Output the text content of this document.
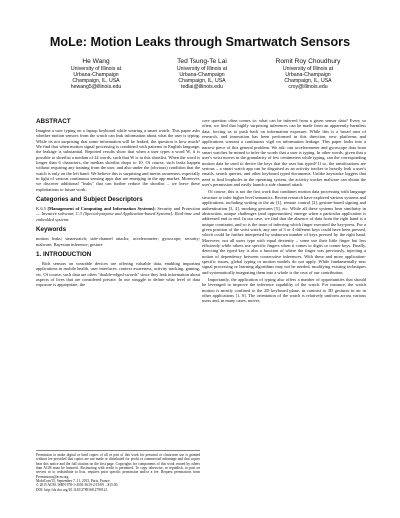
MoLe: Motion Leaks through Smartwatch Sensors
He Wang
University of Illinois at
Urbana-Champaign
Champaign, IL, USA
hewang5@illinois.edu
Ted Tsung-Te Lai
University of Illinois at
Urbana-Champaign
Champaign, IL, USA
tedlai@illinois.edu
Romit Roy Choudhury
University of Illinois at
Urbana-Champaign
Champaign, IL, USA
croy@illinois.edu
ABSTRACT

Imagine a user typing on a laptop keyboard while wearing a smart watch. This paper asks whether motion sensors from the watch can leak information about what the user is typing. While its not surprising that some information will be leaked, the question is how much? We find that when motion signal processing is combined with patterns in English language, the leakage is substantial. Reported results show that when a user types a word W, it is possible to shortlist a median of 24 words, such that W is in this shortlist. When the word is longer than 6 characters, the median shortlist drops to 10. Of course, such leaks happen without requiring any training from the user, and also under the (obvious) condition that the watch is only on the left hand. We believe this is surprising and merits awareness, especially in light of various continuous sensing apps that are emerging in the app market. Moreover, we discover additional "leaks" that can further reduce the shortlist – we leave these exploitations to future work.

Categories and Subject Descriptors

K.6.5 [Management of Computing and Information Systems]: Security and Protection — Invasive software; C.3 [Special-purpose and Application-based Systems]: Real-time and embedded systems

Keywords

motion leaks; smartwatch; side-channel attacks; accelerometer; gyroscope; security; malware; Bayesian inference; gesture

1. INTRODUCTION

Rich sensors on wearable devices are offering valuable data, enabling important applications in mobile health, user interfaces, context awareness, activity tracking, gaming, etc. Of course, such data are often "double-edged swords" since they leak information about aspects of lives that are considered private. In our struggle to define what level of data exposure is appropriate, the

Permission to make digital or hard copies of all or part of this work for personal or classroom use is granted without fee provided that copies are not made or distributed for profit or commercial advantage and that copies bear this notice and the full citation on the first page. Copyrights for components of this work owned by others than ACM must be honored. Abstracting with credit is permitted. To copy otherwise, or republish, to post on servers or to redistribute to lists, requires prior specific permission and/or a fee. Request permissions from Permissions@acm.org.
MobiCom'15, September 7–11, 2015, Paris, France.
© 2015 ACM. ISBN 978-1-4503-3619-2/15/09 ...$15.00.
DOI: http://dx.doi.org/10.1145/2789168.2790121.

core question often comes to: what can be inferred from a given sensor data? Every so often, we find that highly surprising inferences can be made from an apparently harmless data, forcing us to push back on information exposure. While this is a broad area of research, and innovation has been performed in this direction, new platforms and applications warrant a continuous vigil on information leakage. This paper looks into a narrow piece of this general problem. We ask: can accelerometer and gyroscope data from smart watches be mined to infer the words that a user is typing. In other words, given that a user's wrist moves in the granularity of few centimeters while typing, can the corresponding motion data be used to derive the keys that the user has typed? If so, the ramifications are serious – a smart watch app can be disguised as an activity tracker to heavily leak a user's emails, search queries, and other keyboard typed documents. Unlike keystroke loggers that need to find loopholes in the operating system, the activity tracker malware can obtain the user's permission and easily launch a side channel attack.

Of course, this is not the first work that combines motion data processing with language structure to infer higher level semantics. Recent research have explored various systems and applications, including writing in the air [1], remote control [2], gesture-based signing and authentication [3, 4], smoking gestures [5], etc. While all these systems bear similarity in abstraction, unique challenges (and opportunities) emerge when a particular application is addressed end to end. In our case, we find that the absence of data from the right hand is a unique constraint, and so is the issue of inferring which finger executed the key-press. For a given position of the wrist watch, any one of 3 or 4 different keys could have been pressed, which could be further interpreted by unknown number of keys pressed by the right hand. Moreover, not all users type with equal dexterity – some use their little finger but less efficiently while others use specific fingers when it comes to digits or corner keys. Finally, detecting the typed key is also a function of where the finger was previously, injecting a notion of dependency between consecutive inferences. With these and more application-specific issues, global typing or motion models do not apply. While fundamentally new signal processing or learning algorithms may not be needed, modifying existing techniques and systematically integrating them into a whole is the crux of our contribution.

Importantly, the application of typing also offers a number of opportunities that should be leveraged to improve the inference capability of the watch. For instance, the watch motion is mostly confined to the 2D keyboard plane, in contrast to 3D gestures in air in other applications [1, 6]. The orientation of the watch is relatively uniform across various users and, in many cases, moves
